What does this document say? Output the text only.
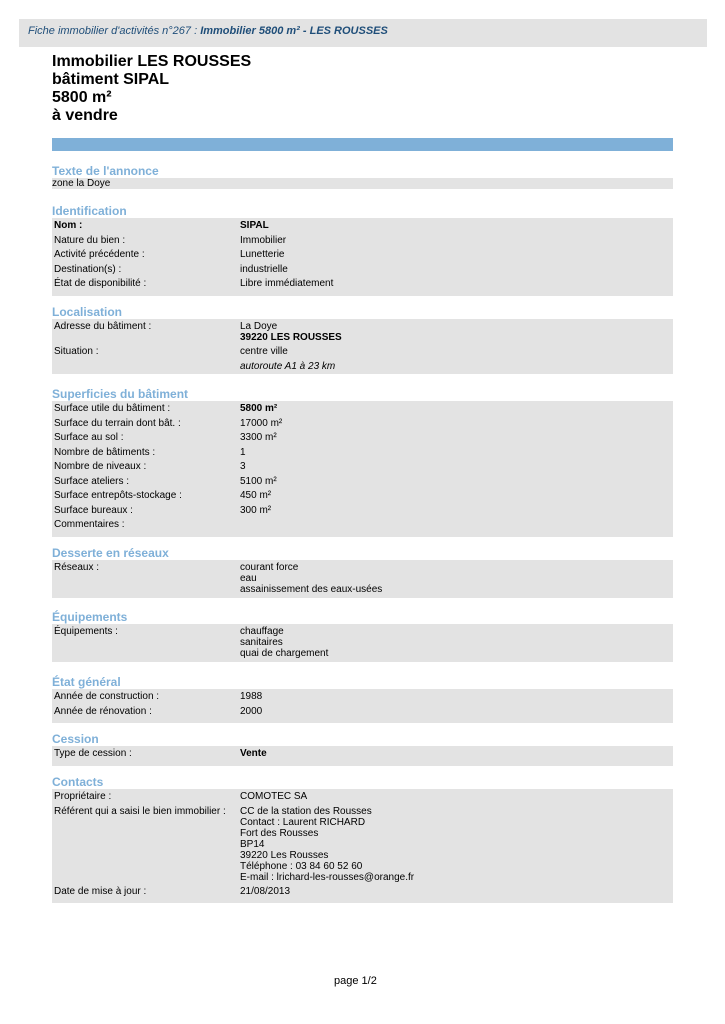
Fiche immobilier d'activités n°267 : Immobilier 5800 m² - LES ROUSSES
Immobilier LES ROUSSES
bâtiment SIPAL
5800 m²
à vendre
Texte de l'annonce
zone la Doye
Identification
Nom :	SIPAL
Nature du bien :	Immobilier
Activité précédente :	Lunetterie
Destination(s) :	industrielle
État de disponibilité :	Libre immédiatement
Localisation
Adresse du bâtiment :	La Doye
39220 LES ROUSSES
Situation :	centre ville
autoroute A1 à 23 km
Superficies du bâtiment
Surface utile du bâtiment :	5800 m²
Surface du terrain dont bât. :	17000 m²
Surface au sol :	3300 m²
Nombre de bâtiments :	1
Nombre de niveaux :	3
Surface ateliers :	5100 m²
Surface entrepôts-stockage :	450 m²
Surface bureaux :	300 m²
Commentaires :
Desserte en réseaux
Réseaux :	courant force
eau
assainissement des eaux-usées
Équipements
Équipements :	chauffage
sanitaires
quai de chargement
État général
Année de construction :	1988
Année de rénovation :	2000
Cession
Type de cession :	Vente
Contacts
Propriétaire :	COMOTEC SA
Référent qui a saisi le bien immobilier :	CC de la station des Rousses
Contact : Laurent RICHARD
Fort des Rousses
BP14
39220 Les Rousses
Téléphone : 03 84 60 52 60
E-mail : lrichard-les-rousses@orange.fr
Date de mise à jour :	21/08/2013
page 1/2
